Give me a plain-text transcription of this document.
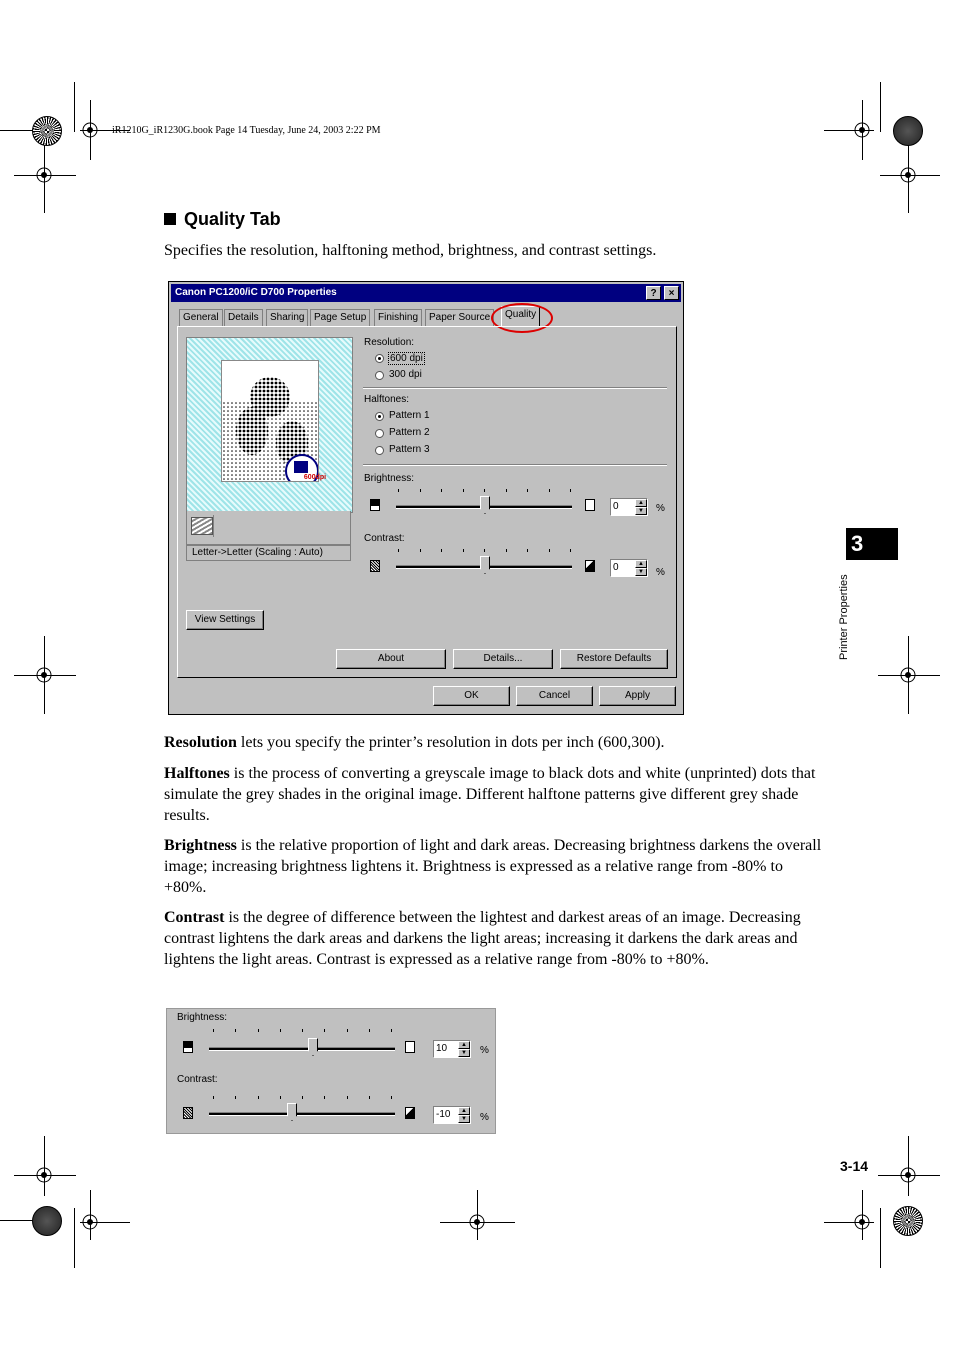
iR1210G_iR1230G.book Page 14 Tuesday, June 24, 2003 2:22 PM
Quality Tab
Specifies the resolution, halftoning method, brightness, and contrast settings.
Canon PC1200/iC D700 Properties	?	×
General Details	Sharing Page Setup	Finishing	Paper Source	Quality
600dpi
Letter->Letter (Scaling : Auto)
Resolution:
600 dpi
300 dpi
Halftones:
Pattern 1
Pattern 2
Pattern 3
Brightness:
0	▲
▼	%
Contrast:
0	▲
▼	%
View Settings
About	Details...	Restore Defaults
OK	Cancel	Apply
Resolution lets you specify the printer’s resolution in dots per inch (600,300).
Halftones is the process of converting a greyscale image to black dots and white (unprinted) dots that simulate the grey shades in the original image. Different halftone patterns give different grey shade results.
Brightness is the relative proportion of light and dark areas. Decreasing brightness darkens the overall image; increasing brightness lightens it. Brightness is expressed as a relative range from -80% to +80%.
Contrast is the degree of difference between the lightest and darkest areas of an image. Decreasing contrast lightens the dark areas and darkens the light areas; increasing it darkens the dark areas and lightens the light areas. Contrast is expressed as a relative range from -80% to +80%.
Brightness:
10	▲
▼	%
Contrast:
-10	▲
▼	%
3
Printer Properties
3-14
